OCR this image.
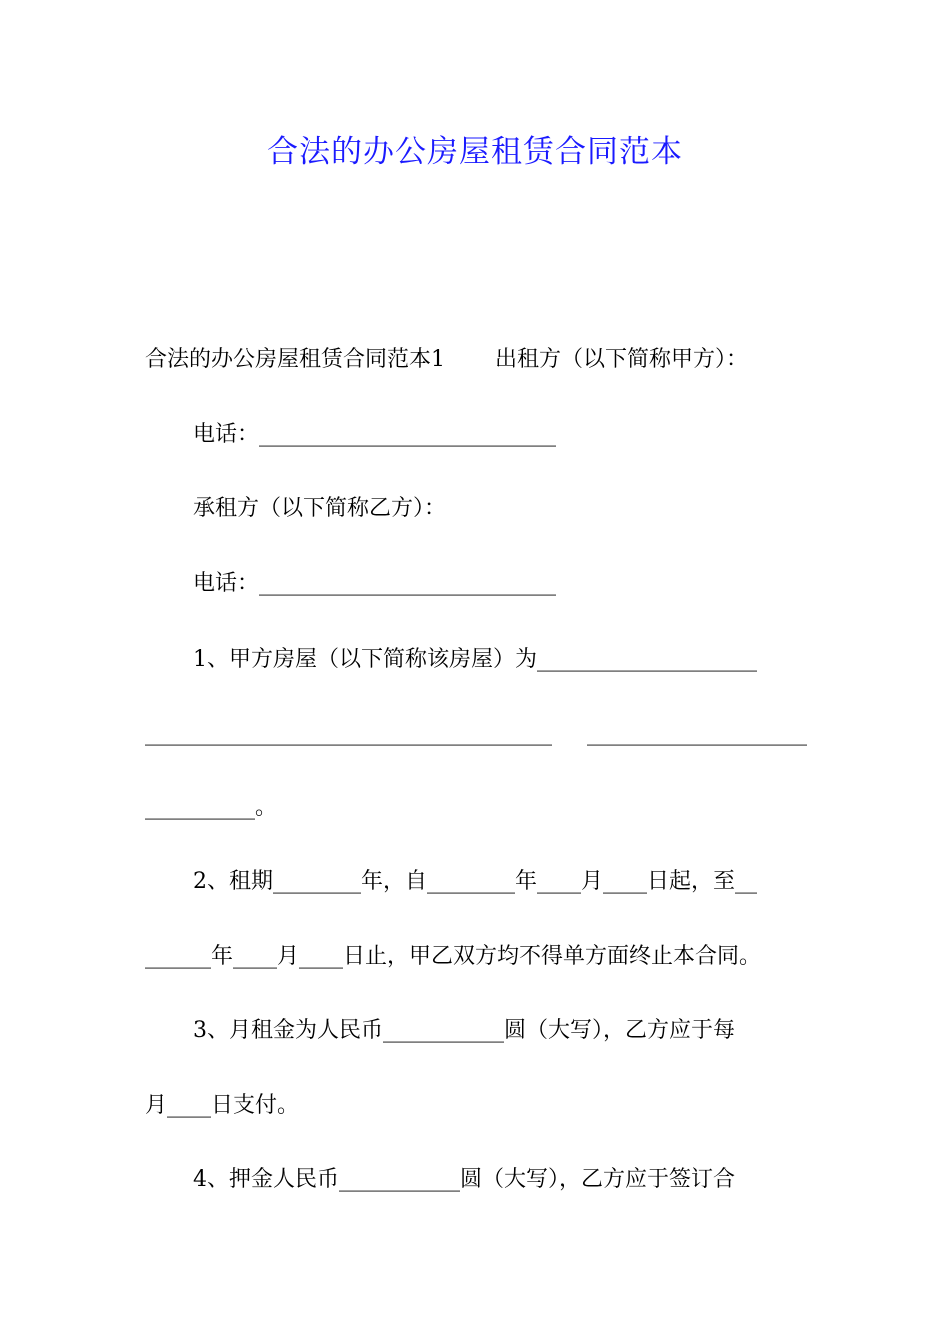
合法的办公房屋租赁合同范本
合法的办公房屋租赁合同范本1 出租方（以下简称甲方）：
电话：___________________________
承租方（以下简称乙方）：
电话：___________________________
1、甲方房屋（以下简称该房屋）为____________________
_____________________________________ ____________________
__________。
2、租期________年，自________年____月____日起，至__
______年____月____日止，甲乙双方均不得单方面终止本合同。
3、月租金为人民币___________圆（大写），乙方应于每
月____日支付。
4、押金人民币___________圆（大写），乙方应于签订合
